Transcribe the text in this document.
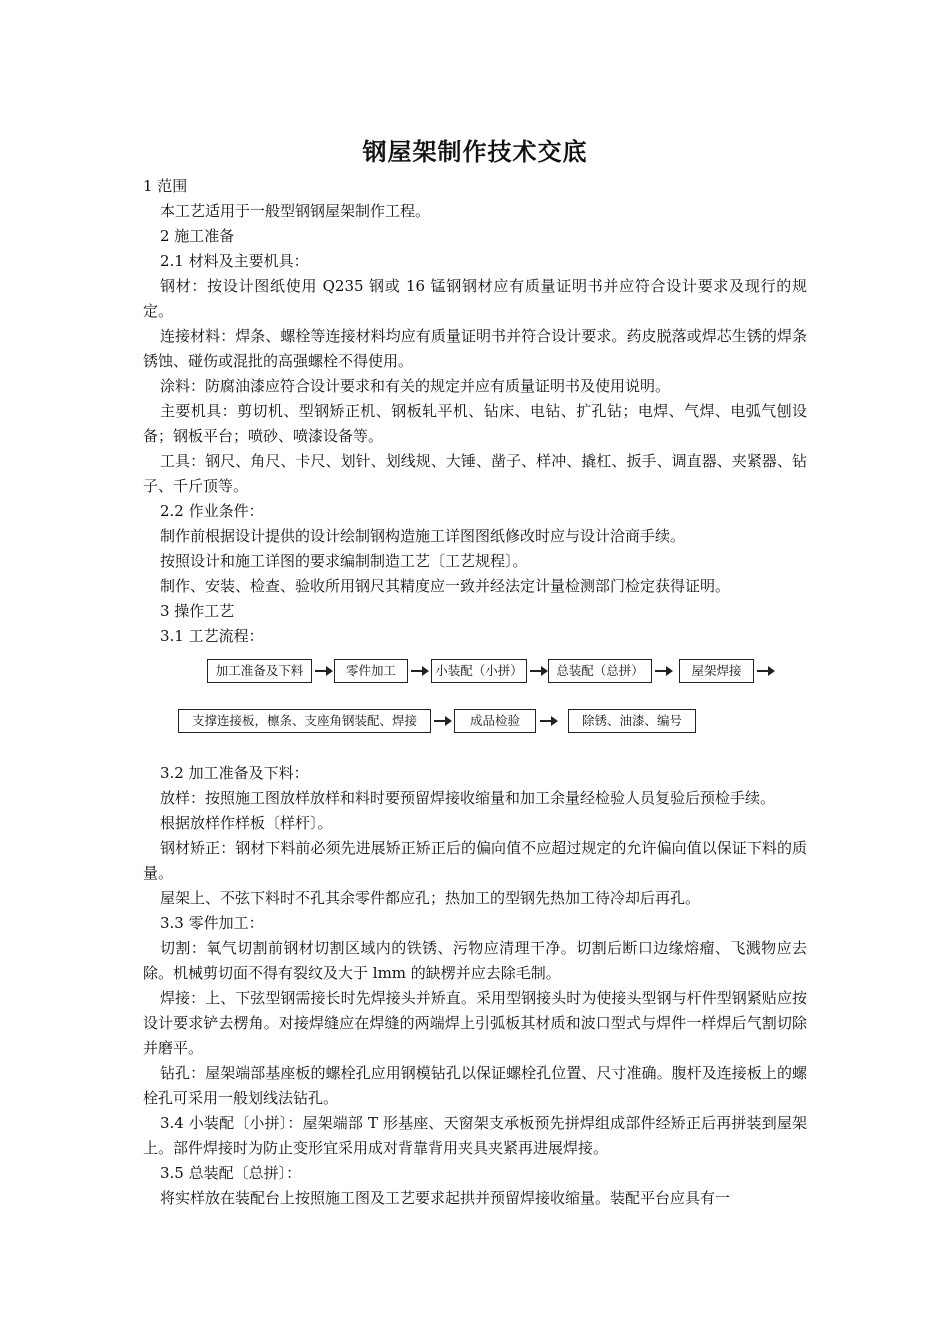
钢屋架制作技术交底

1 范围

本工艺适用于一般型钢钢屋架制作工程。

2 施工准备

2.1 材料及主要机具：

钢材：按设计图纸使用 Q235 钢或 16 锰钢钢材应有质量证明书并应符合设计要求及现行的规定。

连接材料：焊条、螺栓等连接材料均应有质量证明书并符合设计要求。药皮脱落或焊芯生锈的焊条锈蚀、碰伤或混批的高强螺栓不得使用。

涂料：防腐油漆应符合设计要求和有关的规定并应有质量证明书及使用说明。

主要机具：剪切机、型钢矫正机、钢板轧平机、钻床、电钻、扩孔钻；电焊、气焊、电弧气刨设备；钢板平台；喷砂、喷漆设备等。

工具：钢尺、角尺、卡尺、划针、划线规、大锤、凿子、样冲、撬杠、扳手、调直器、夹紧器、钻子、千斤顶等。

2.2 作业条件：

制作前根据设计提供的设计绘制钢构造施工详图图纸修改时应与设计洽商手续。

按照设计和施工详图的要求编制制造工艺〔工艺规程〕。

制作、安装、检查、验收所用钢尺其精度应一致并经法定计量检测部门检定获得证明。

3 操作工艺

3.1 工艺流程：

加工准备及下料	零件加工	小装配（小拼）	总装配（总拼）	屋架焊接
支撑连接板，檩条、支座角钢装配、焊接	成品检验	除锈、油漆、编号

3.2 加工准备及下料：

放样：按照施工图放样放样和料时要预留焊接收缩量和加工余量经检验人员复验后预检手续。

根据放样作样板〔样杆〕。

钢材矫正：钢材下料前必须先进展矫正矫正后的偏向值不应超过规定的允许偏向值以保证下料的质量。

屋架上、不弦下料时不孔其余零件都应孔；热加工的型钢先热加工待冷却后再孔。

3.3 零件加工：

切割：氧气切割前钢材切割区域内的铁锈、污物应清理干净。切割后断口边缘熔瘤、飞溅物应去除。机械剪切面不得有裂纹及大于 lmm 的缺楞并应去除毛制。

焊接：上、下弦型钢需接长时先焊接头并矫直。采用型钢接头时为使接头型钢与杆件型钢紧贴应按设计要求铲去楞角。对接焊缝应在焊缝的两端焊上引弧板其材质和波口型式与焊件一样焊后气割切除并磨平。

钻孔：屋架端部基座板的螺栓孔应用钢模钻孔以保证螺栓孔位置、尺寸准确。腹杆及连接板上的螺栓孔可采用一般划线法钻孔。

3.4 小装配〔小拼〕：屋架端部 T 形基座、天窗架支承板预先拼焊组成部件经矫正后再拼装到屋架上。部件焊接时为防止变形宜采用成对背靠背用夹具夹紧再进展焊接。

3.5 总装配〔总拼〕：

将实样放在装配台上按照施工图及工艺要求起拱并预留焊接收缩量。装配平台应具有一
